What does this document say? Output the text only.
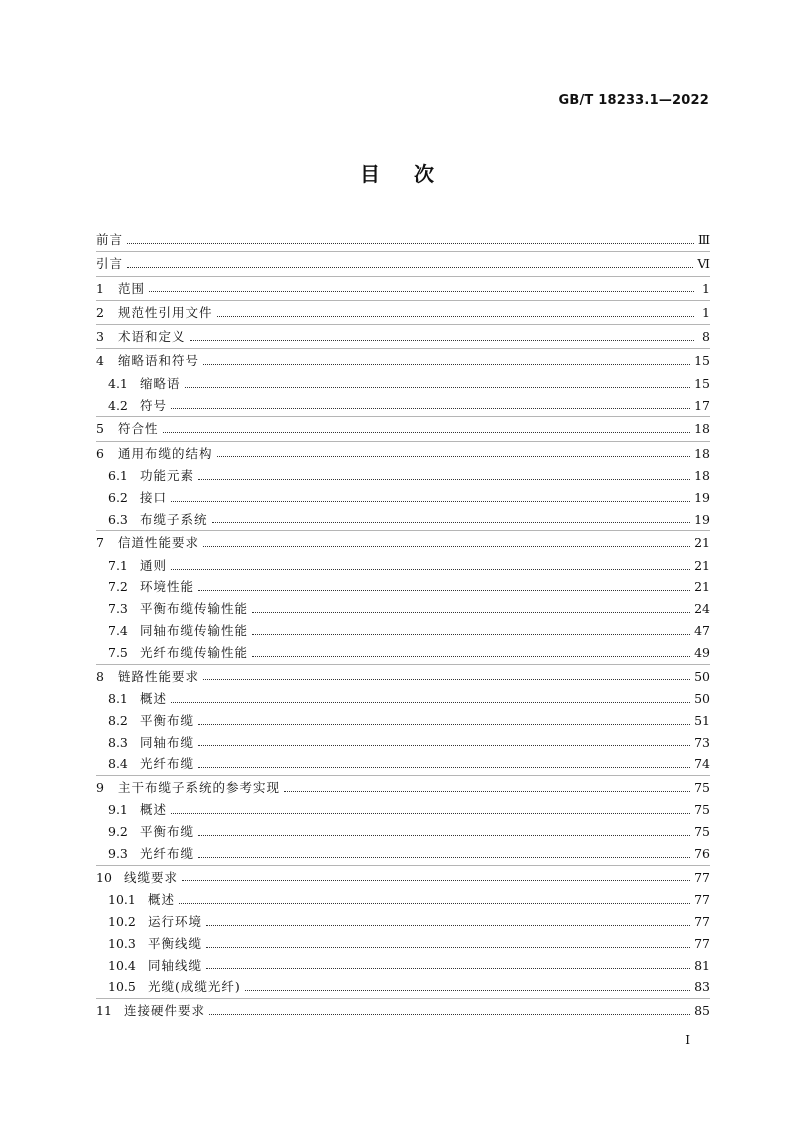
GB/T 18233.1—2022
目次
前言	Ⅲ
引言	Ⅵ
1	范围	1
2	规范性引用文件	1
3	术语和定义	8
4	缩略语和符号	15
4.1 缩略语	15
4.2 符号	17
5	符合性	18
6	通用布缆的结构	18
6.1 功能元素	18
6.2 接口	19
6.3 布缆子系统	19
7	信道性能要求	21
7.1 通则	21
7.2 环境性能	21
7.3 平衡布缆传输性能	24
7.4 同轴布缆传输性能	47
7.5 光纤布缆传输性能	49
8	链路性能要求	50
8.1 概述	50
8.2 平衡布缆	51
8.3 同轴布缆	73
8.4 光纤布缆	74
9	主干布缆子系统的参考实现	75
9.1 概述	75
9.2 平衡布缆	75
9.3 光纤布缆	76
10 线缆要求	77
10.1 概述	77
10.2 运行环境	77
10.3 平衡线缆	77
10.4 同轴线缆	81
10.5 光缆(成缆光纤)	83
11 连接硬件要求	85
I
